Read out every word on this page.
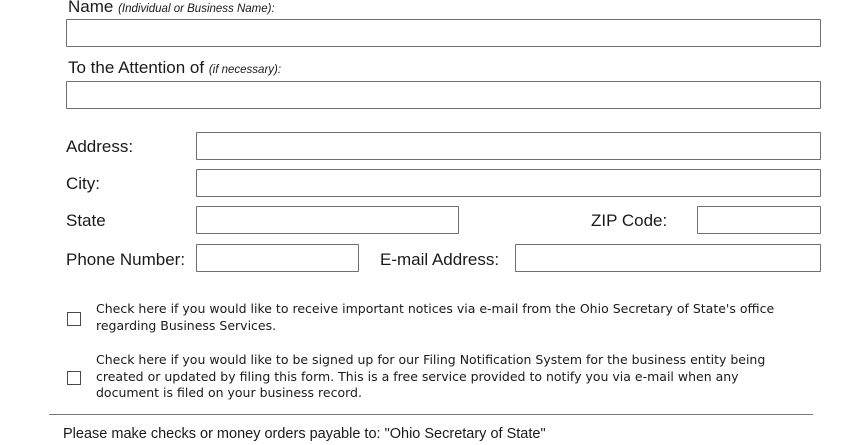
Name (Individual or Business Name):
To the Attention of (if necessary):
Address:
City:
State	ZIP Code:
Phone Number:	E-mail Address:
Check here if you would like to receive important notices via e-mail from the Ohio Secretary of State's office regarding Business Services.
Check here if you would like to be signed up for our Filing Notification System for the business entity being created or updated by filing this form. This is a free service provided to notify you via e-mail when any document is filed on your business record.
Please make checks or money orders payable to: "Ohio Secretary of State"
